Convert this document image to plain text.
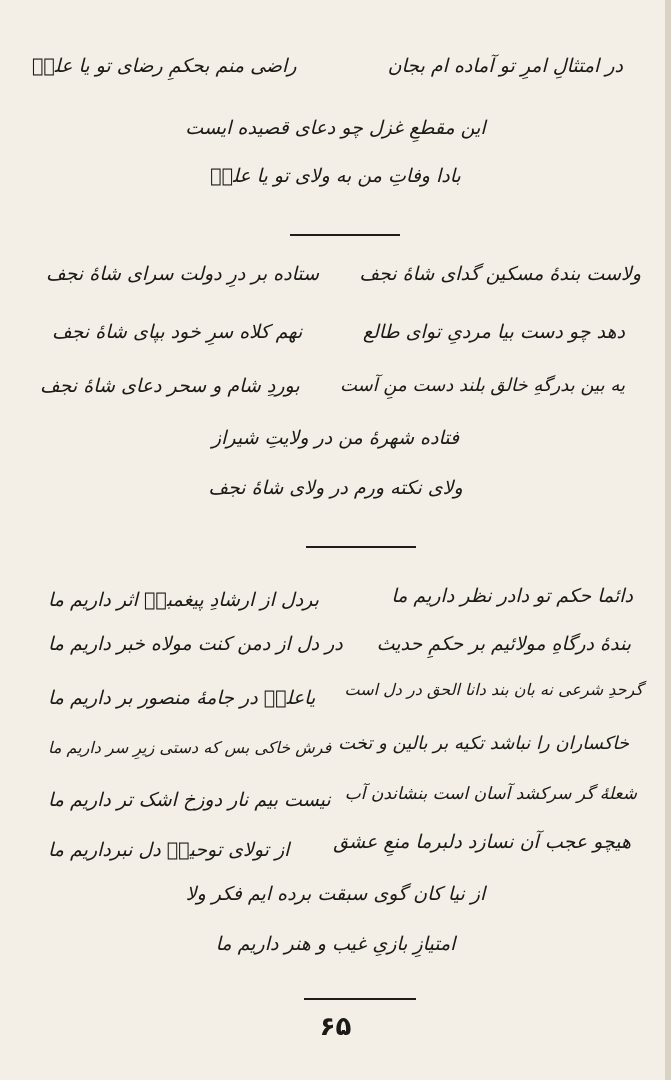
در امتثالِ امرِ تو آماده ام بجان
راضی منم بحکمِ رضای تو یا علیؑ
این مقطعِ غزل چو دعای قصیده ایست
بادا وفاتِ من به ولای تو یا علیؑ
ولاست بندهٔ مسکین گدای شاهٔ نجف
ستاده بر درِ دولت سرای شاهٔ نجف
دهد چو دست بیا مردیِ توای طالع
نهم کلاه سرِ خود بپای شاهٔ نجف
یه بین بدرگهِ خالق بلند دست منِ آست
بوردِ شام و سحر دعای شاهٔ نجف
فتاده شهرهٔ من در ولایتِ شیراز
ولای نکته ورم در ولای شاهٔ نجف
دائما حکم تو دادر نظر داریم ما
بردل از ارشادِ پیغمبرؐ اثر داریم ما
بندهٔ درگاهِ مولائیم بر حکمِ حدیث
در دل از دمن کنت مولاه خبر داریم ما
گرحدِ شرعی نه بان بند دانا الحق در دل است
یاعلیؑ در جامهٔ منصور بر داریم ما
خاکساران را نباشد تکیه بر بالین و تخت
فرش خاکی بس که دستی زیرِ سر داریم ما
شعلهٔ گر سرکشد آسان است بنشاندن آب
نیست بیم نار دوزخ اشک تر داریم ما
هیچو عجب آن نسازد دلبرما منعِ عشق
از تولای توحیدؑ دل نبرداریم ما
از نیا کان گوی سبقت برده ایم فکر ولا
امتیازِ بازیِ غیب و هنر داریم ما
۶۵
